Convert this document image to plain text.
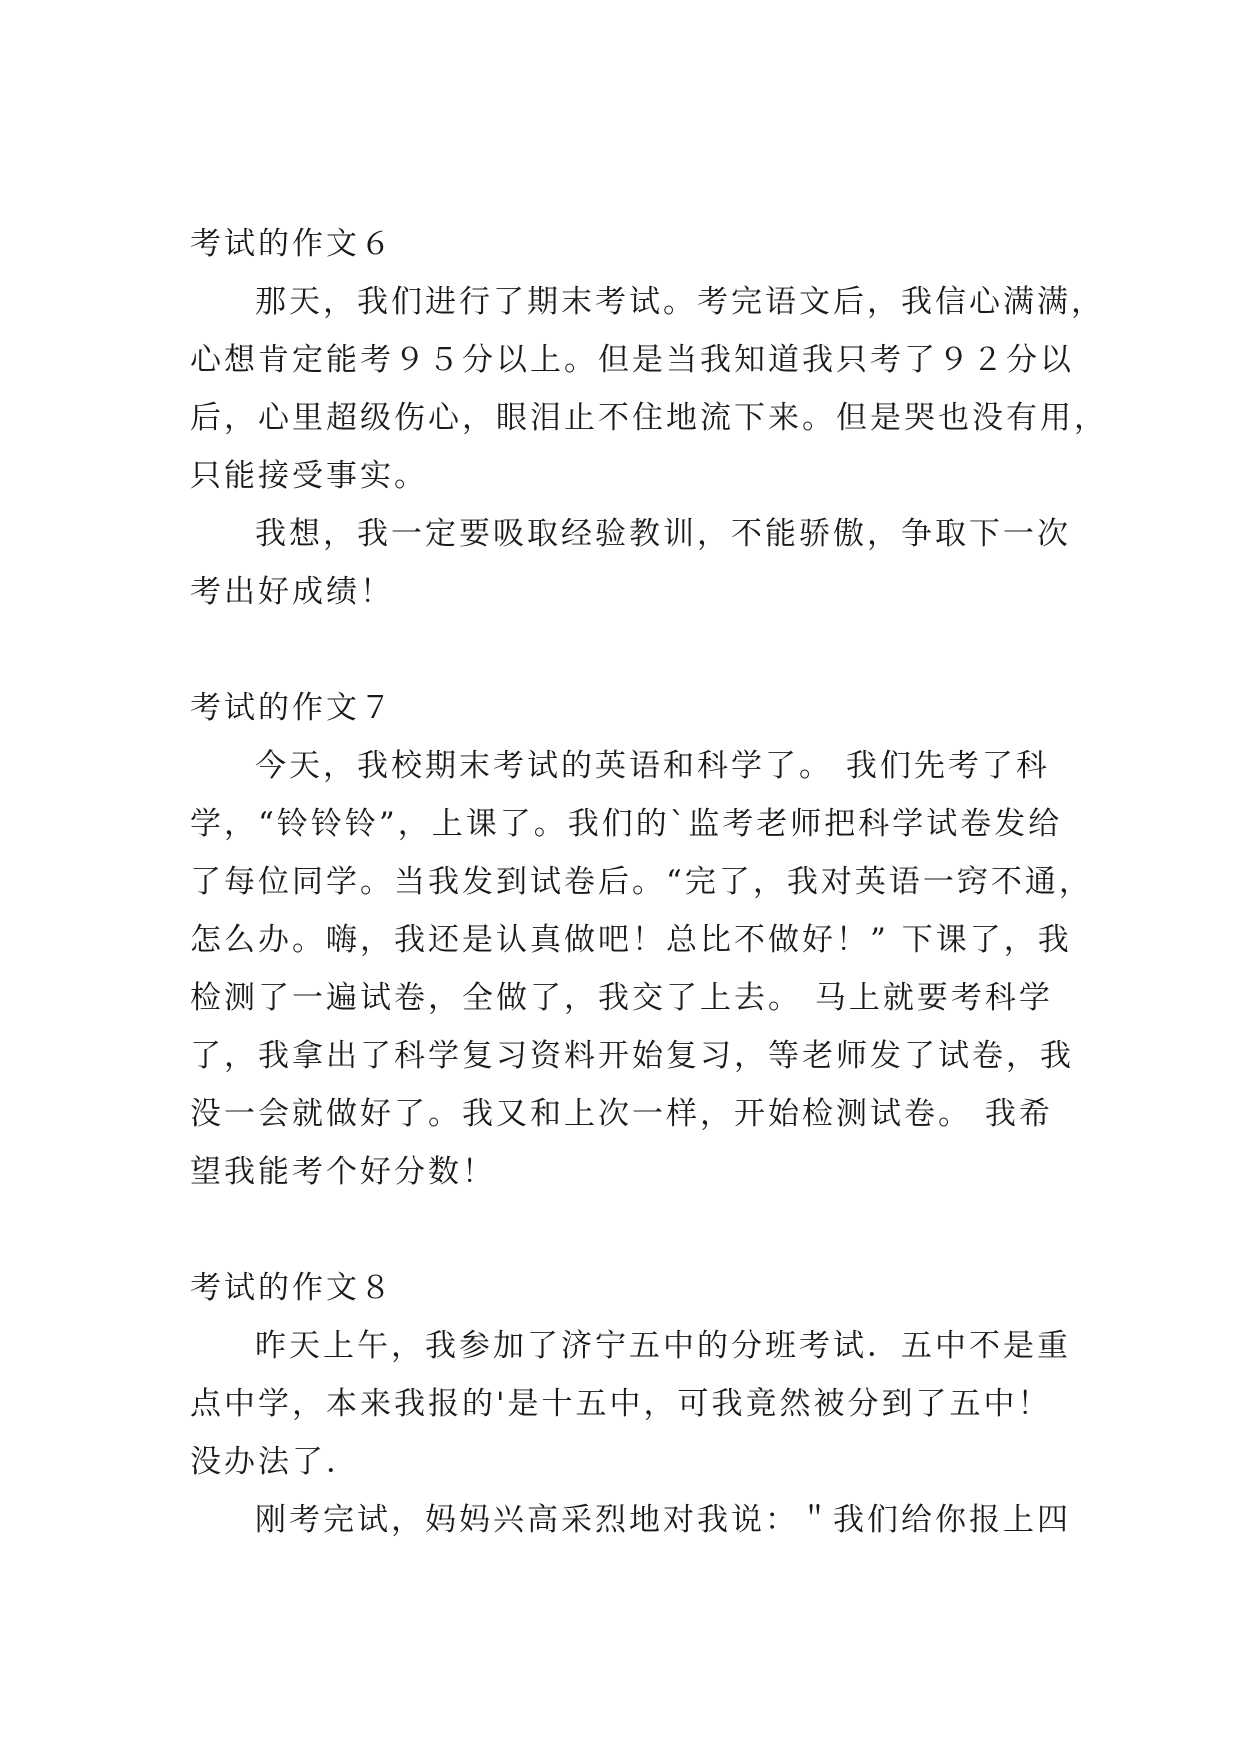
考试的作文６
那天，我们进行了期末考试。考完语文后，我信心满满，
心想肯定能考９５分以上。但是当我知道我只考了９２分以
后，心里超级伤心，眼泪止不住地流下来。但是哭也没有用，
只能接受事实。
我想，我一定要吸取经验教训，不能骄傲，争取下一次
考出好成绩！
考试的作文７
今天，我校期末考试的英语和科学了。 我们先考了科
学，“铃铃铃”，上课了。我们的`监考老师把科学试卷发给
了每位同学。当我发到试卷后。“完了，我对英语一窍不通，
怎么办。嗨，我还是认真做吧！总比不做好！” 下课了，我
检测了一遍试卷，全做了，我交了上去。 马上就要考科学
了，我拿出了科学复习资料开始复习，等老师发了试卷，我
没一会就做好了。我又和上次一样，开始检测试卷。 我希
望我能考个好分数！
考试的作文８
昨天上午，我参加了济宁五中的分班考试．五中不是重
点中学，本来我报的'是十五中，可我竟然被分到了五中！
没办法了．
刚考完试，妈妈兴高采烈地对我说：＂我们给你报上四
